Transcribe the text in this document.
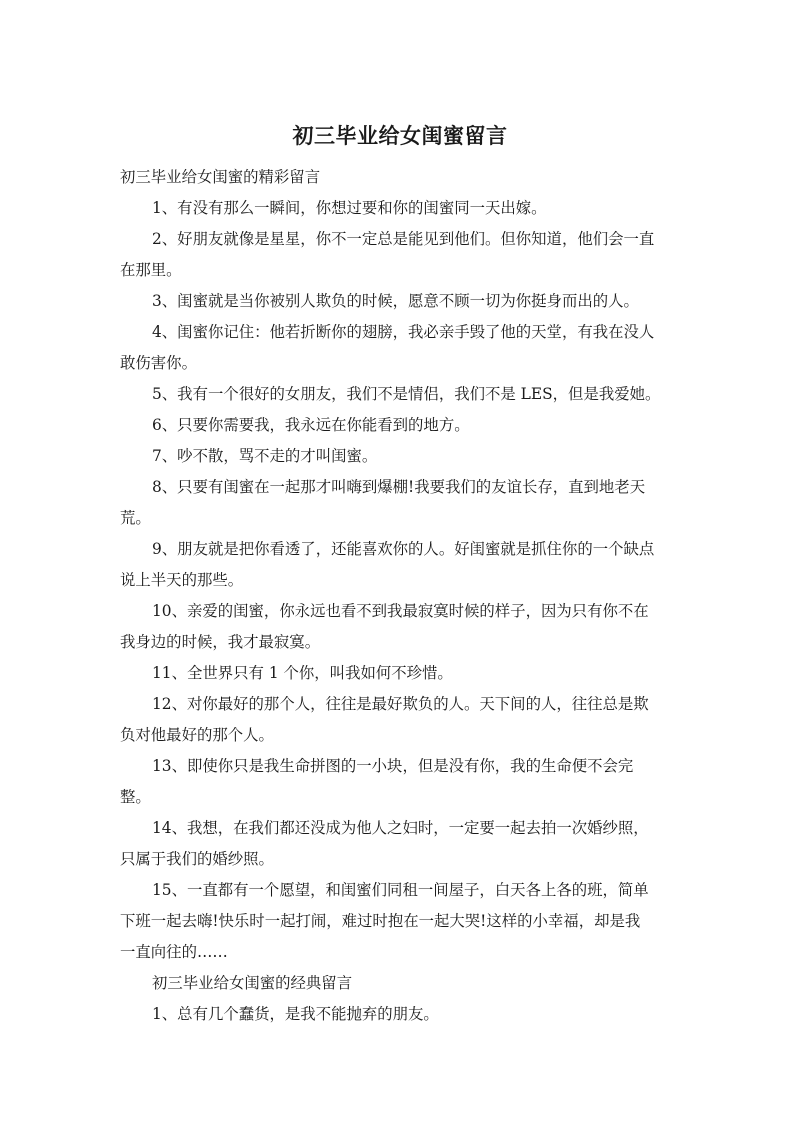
初三毕业给女闺蜜留言
初三毕业给女闺蜜的精彩留言
1、有没有那么一瞬间，你想过要和你的闺蜜同一天出嫁。
2、好朋友就像是星星，你不一定总是能见到他们。但你知道，他们会一直
在那里。
3、闺蜜就是当你被别人欺负的时候，愿意不顾一切为你挺身而出的人。
4、闺蜜你记住：他若折断你的翅膀，我必亲手毁了他的天堂，有我在没人
敢伤害你。
5、我有一个很好的女朋友，我们不是情侣，我们不是 LES，但是我爱她。
6、只要你需要我，我永远在你能看到的地方。
7、吵不散，骂不走的才叫闺蜜。
8、只要有闺蜜在一起那才叫嗨到爆棚!我要我们的友谊长存，直到地老天
荒。
9、朋友就是把你看透了，还能喜欢你的人。好闺蜜就是抓住你的一个缺点
说上半天的那些。
10、亲爱的闺蜜，你永远也看不到我最寂寞时候的样子，因为只有你不在
我身边的时候，我才最寂寞。
11、全世界只有 1 个你，叫我如何不珍惜。
12、对你最好的那个人，往往是最好欺负的人。天下间的人，往往总是欺
负对他最好的那个人。
13、即使你只是我生命拼图的一小块，但是没有你，我的生命便不会完
整。
14、我想，在我们都还没成为他人之妇时，一定要一起去拍一次婚纱照，
只属于我们的婚纱照。
15、一直都有一个愿望，和闺蜜们同租一间屋子，白天各上各的班，简单
下班一起去嗨!快乐时一起打闹，难过时抱在一起大哭!这样的小幸福，却是我
一直向往的……
初三毕业给女闺蜜的经典留言
1、总有几个蠢货，是我不能抛弃的朋友。
